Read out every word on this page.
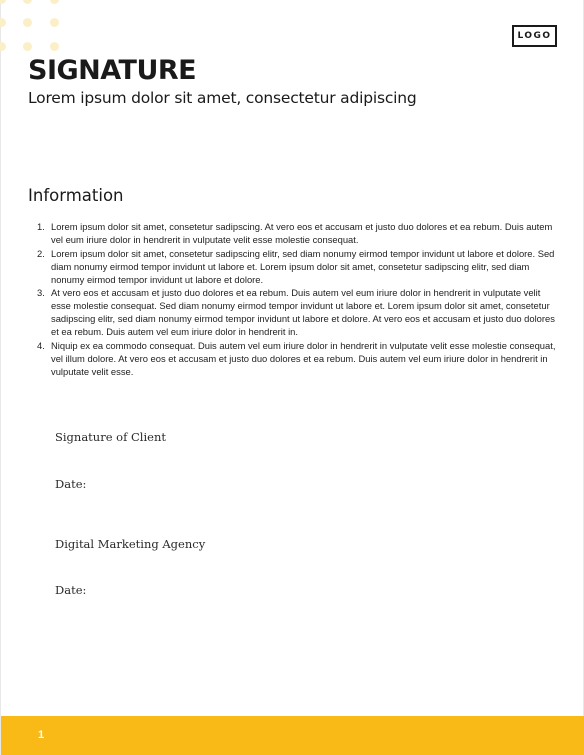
LOGO
SIGNATURE
Lorem ipsum dolor sit amet, consectetur adipiscing
Information
1. Lorem ipsum dolor sit amet, consetetur sadipscing. At vero eos et accusam et justo duo dolores et ea rebum. Duis autem vel eum iriure dolor in hendrerit in vulputate velit esse molestie consequat.
2. Lorem ipsum dolor sit amet, consetetur sadipscing elitr, sed diam nonumy eirmod tempor invidunt ut labore et dolore. Sed diam nonumy eirmod tempor invidunt ut labore et. Lorem ipsum dolor sit amet, consetetur sadipscing elitr, sed diam nonumy eirmod tempor invidunt ut labore et dolore.
3. At vero eos et accusam et justo duo dolores et ea rebum. Duis autem vel eum iriure dolor in hendrerit in vulputate velit esse molestie consequat. Sed diam nonumy eirmod tempor invidunt ut labore et. Lorem ipsum dolor sit amet, consetetur sadipscing elitr, sed diam nonumy eirmod tempor invidunt ut labore et dolore. At vero eos et accusam et justo duo dolores et ea rebum. Duis autem vel eum iriure dolor in hendrerit in.
4. Niquip ex ea commodo consequat. Duis autem vel eum iriure dolor in hendrerit in vulputate velit esse molestie consequat, vel illum dolore. At vero eos et accusam et justo duo dolores et ea rebum. Duis autem vel eum iriure dolor in hendrerit in vulputate velit esse.
Signature of Client
Date:
Digital Marketing Agency
Date:
1
